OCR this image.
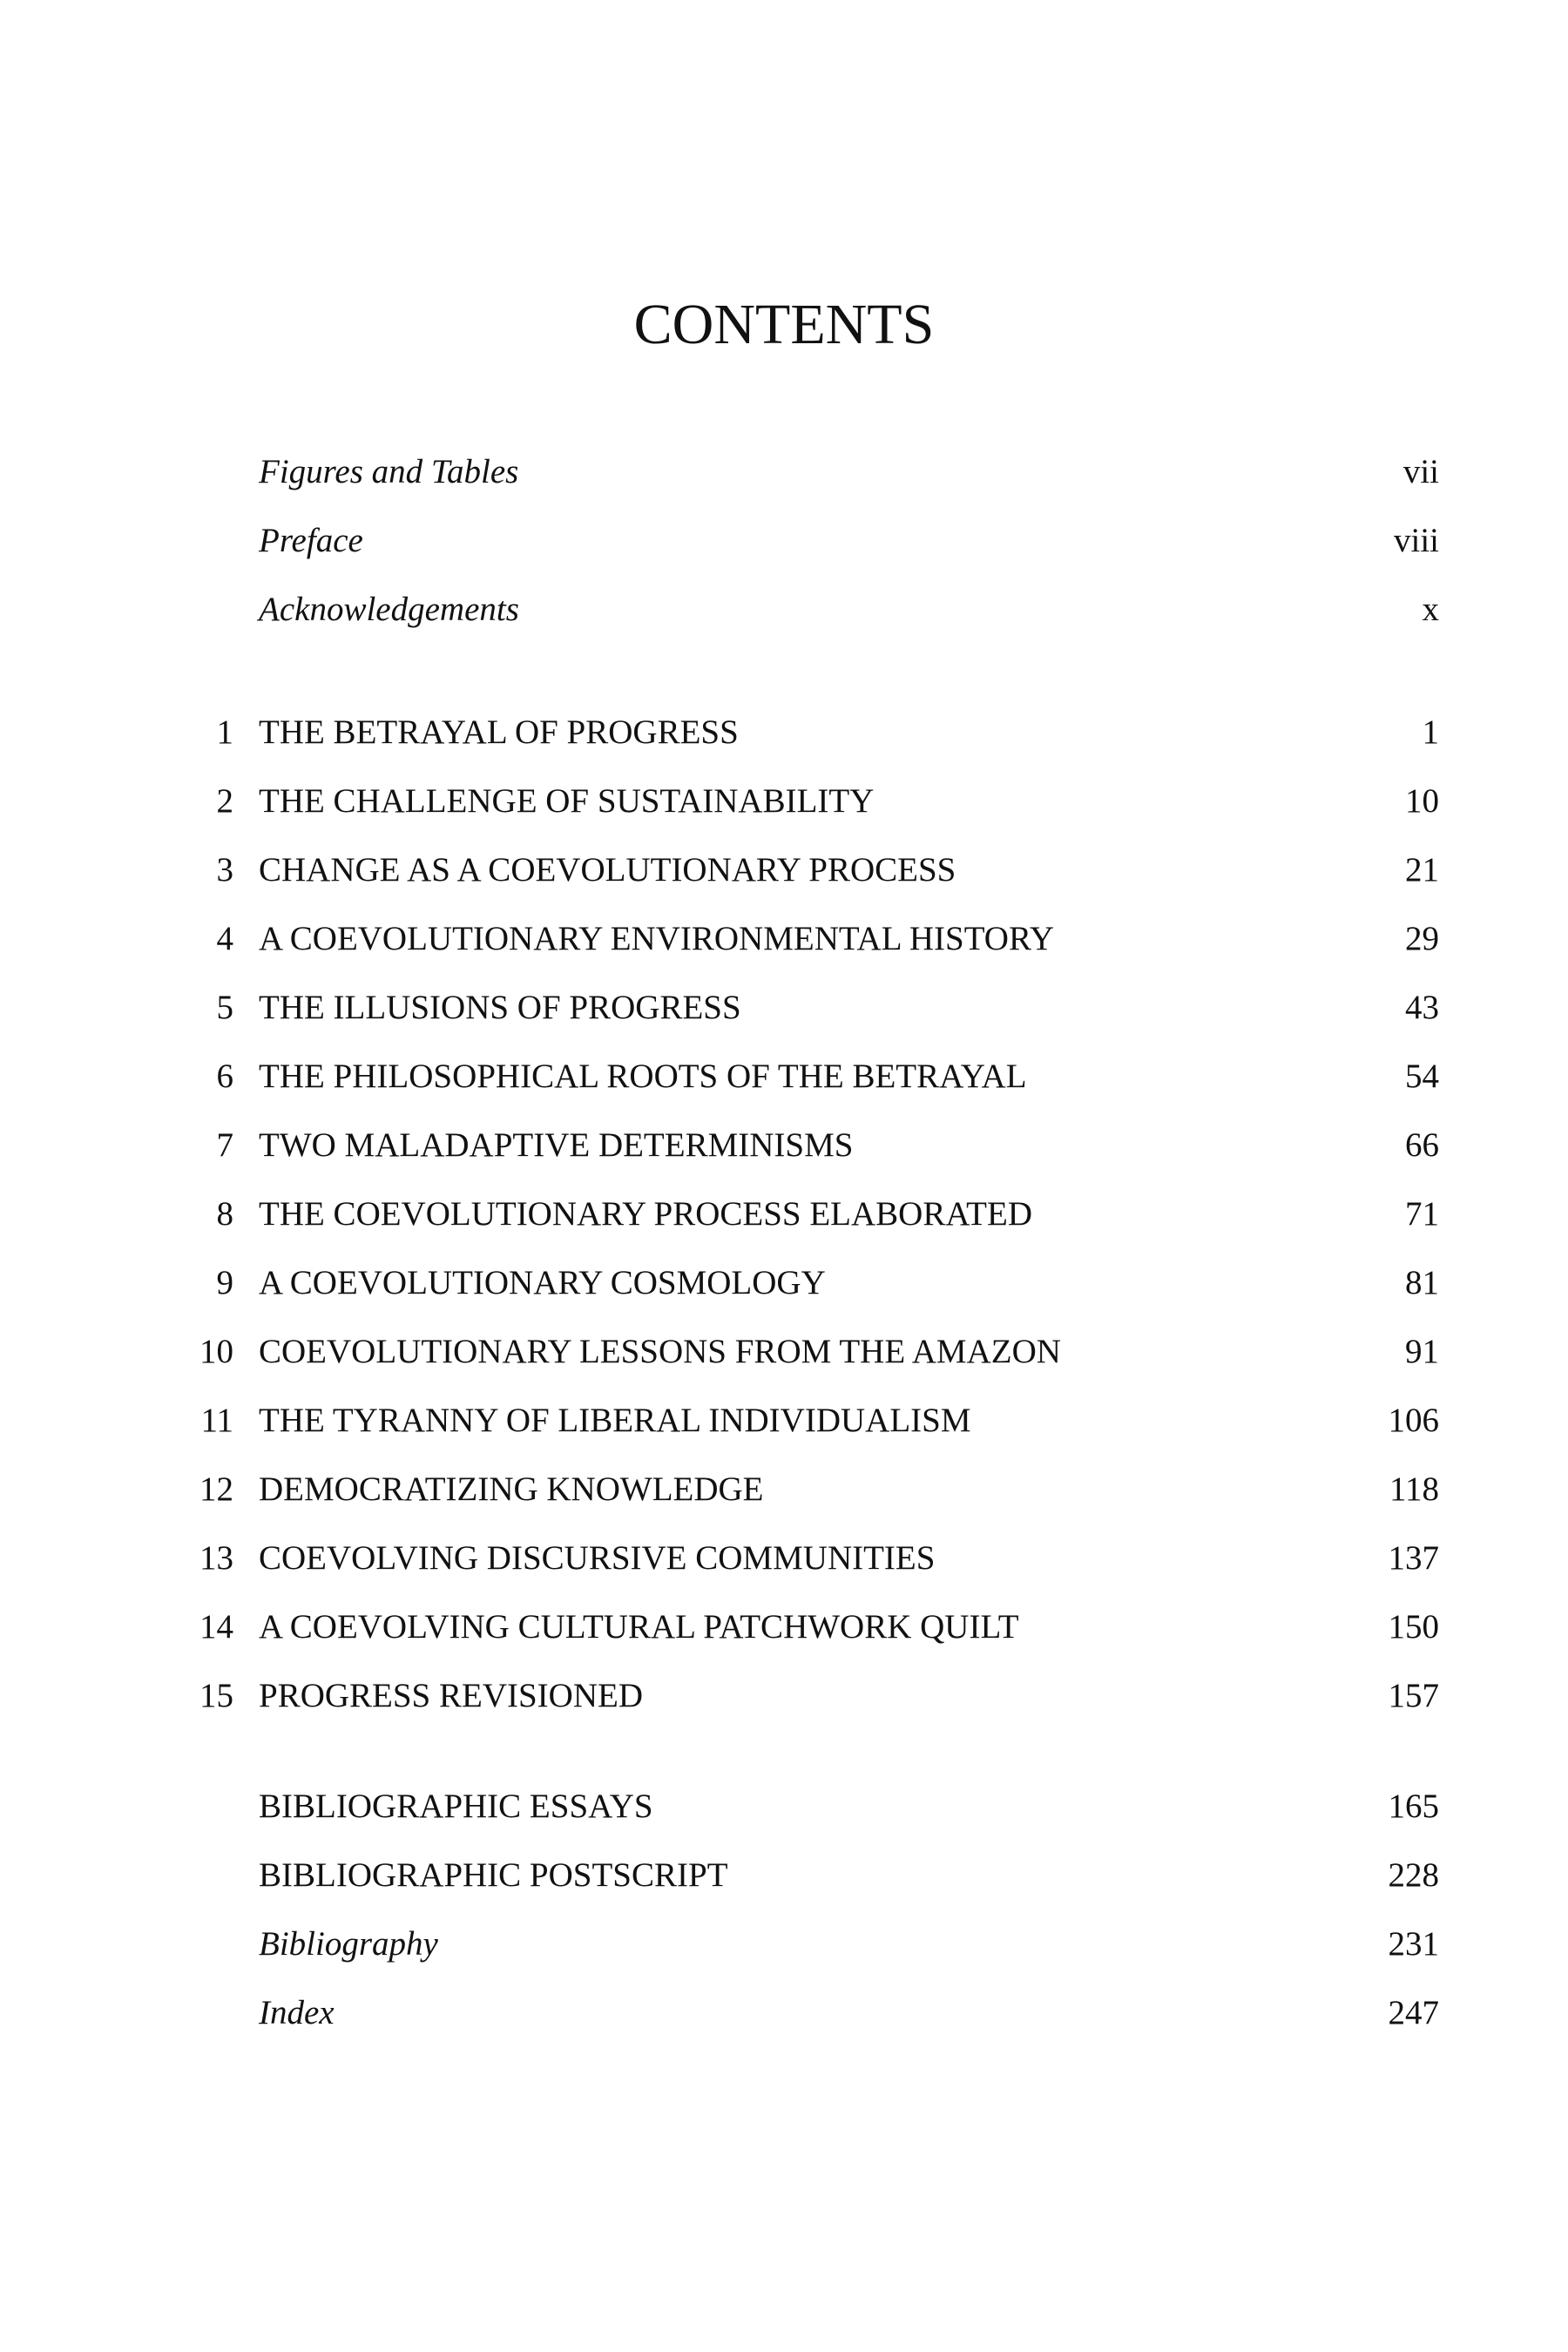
CONTENTS
Figures and Tables	vii
Preface	viii
Acknowledgements	x
1 THE BETRAYAL OF PROGRESS	1
2 THE CHALLENGE OF SUSTAINABILITY	10
3 CHANGE AS A COEVOLUTIONARY PROCESS	21
4 A COEVOLUTIONARY ENVIRONMENTAL HISTORY	29
5 THE ILLUSIONS OF PROGRESS	43
6 THE PHILOSOPHICAL ROOTS OF THE BETRAYAL	54
7 TWO MALADAPTIVE DETERMINISMS	66
8 THE COEVOLUTIONARY PROCESS ELABORATED	71
9 A COEVOLUTIONARY COSMOLOGY	81
10 COEVOLUTIONARY LESSONS FROM THE AMAZON	91
11 THE TYRANNY OF LIBERAL INDIVIDUALISM	106
12 DEMOCRATIZING KNOWLEDGE	118
13 COEVOLVING DISCURSIVE COMMUNITIES	137
14 A COEVOLVING CULTURAL PATCHWORK QUILT	150
15 PROGRESS REVISIONED	157
BIBLIOGRAPHIC ESSAYS	165
BIBLIOGRAPHIC POSTSCRIPT	228
Bibliography	231
Index	247
